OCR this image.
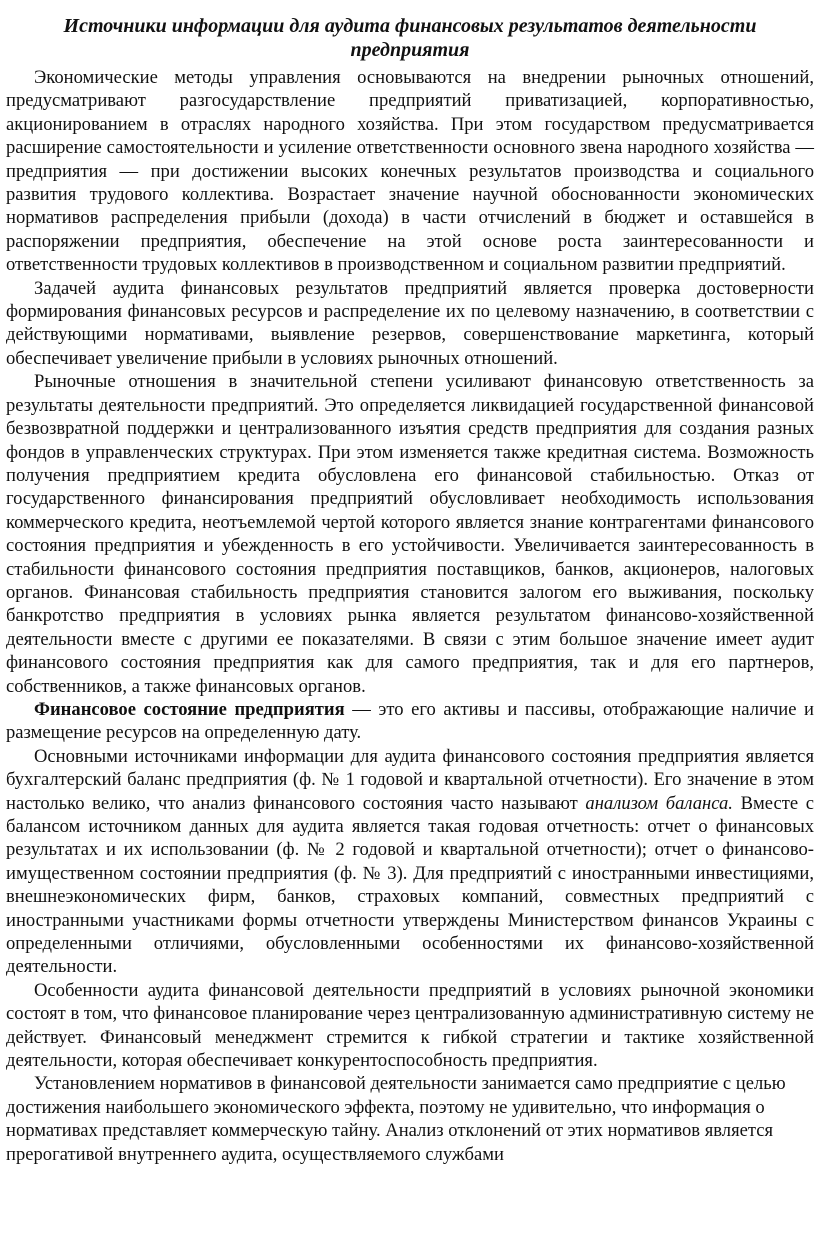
Источники информации для аудита финансовых результатов деятельности предприятия

Экономические методы управления основываются на внедрении рыночных отношений, предусматривают разгосударствление предприятий приватизацией, корпоративностью, акционированием в отраслях народного хозяйства. При этом государством предусматривается расширение самостоятельности и усиление ответственности основного звена народного хозяйства — предприятия — при достижении высоких конечных результатов производства и социального развития трудового коллектива. Возрастает значение научной обоснованности экономических нормативов распределения прибыли (дохода) в части отчислений в бюджет и оставшейся в распоряжении предприятия, обеспечение на этой основе роста заинтересованности и ответственности трудовых коллективов в производственном и социальном развитии предприятий.

Задачей аудита финансовых результатов предприятий является проверка достоверности формирования финансовых ресурсов и распределение их по целевому назначению, в соответствии с действующими нормативами, выявление резервов, совершенствование маркетинга, который обеспечивает увеличение прибыли в условиях рыночных отношений.

Рыночные отношения в значительной степени усиливают финансовую ответственность за результаты деятельности предприятий. Это определяется ликвидацией государственной финансовой безвозвратной поддержки и централизованного изъятия средств предприятия для создания разных фондов в управленческих структурах. При этом изменяется также кредитная система. Возможность получения предприятием кредита обусловлена его финансовой стабильностью. Отказ от государственного финансирования предприятий обусловливает необходимость использования коммерческого кредита, неотъемлемой чертой которого является знание контрагентами финансового состояния предприятия и убежденность в его устойчивости. Увеличивается заинтересованность в стабильности финансового состояния предприятия поставщиков, банков, акционеров, налоговых органов. Финансовая стабильность предприятия становится залогом его выживания, поскольку банкротство предприятия в условиях рынка является результатом финансово-хозяйственной деятельности вместе с другими ее показателями. В связи с этим большое значение имеет аудит финансового состояния предприятия как для самого предприятия, так и для его партнеров, собственников, а также финансовых органов.

Финансовое состояние предприятия — это его активы и пассивы, отображающие наличие и размещение ресурсов на определенную дату.

Основными источниками информации для аудита финансового состояния предприятия является бухгалтерский баланс предприятия (ф. № 1 годовой и квартальной отчетности). Его значение в этом настолько велико, что анализ финансового состояния часто называют анализом баланса. Вместе с балансом источником данных для аудита является такая годовая отчетность: отчет о финансовых результатах и их использовании (ф. № 2 годовой и квартальной отчетности); отчет о финансово-имущественном состоянии предприятия (ф. № 3). Для предприятий с иностранными инвестициями, внешнеэкономических фирм, банков, страховых компаний, совместных предприятий с иностранными участниками формы отчетности утверждены Министерством финансов Украины с определенными отличиями, обусловленными особенностями их финансово-хозяйственной деятельности.

Особенности аудита финансовой деятельности предприятий в условиях рыночной экономики состоят в том, что финансовое планирование через централизованную административную систему не действует. Финансовый менеджмент стремится к гибкой стратегии и тактике хозяйственной деятельности, которая обеспечивает конкурентоспособность предприятия.

Установлением нормативов в финансовой деятельности занимается само предприятие с целью достижения наибольшего экономического эффекта, поэтому не удивительно, что информация о нормативах представляет коммерческую тайну. Анализ отклонений от этих нормативов является прерогативой внутреннего аудита, осуществляемого службами
